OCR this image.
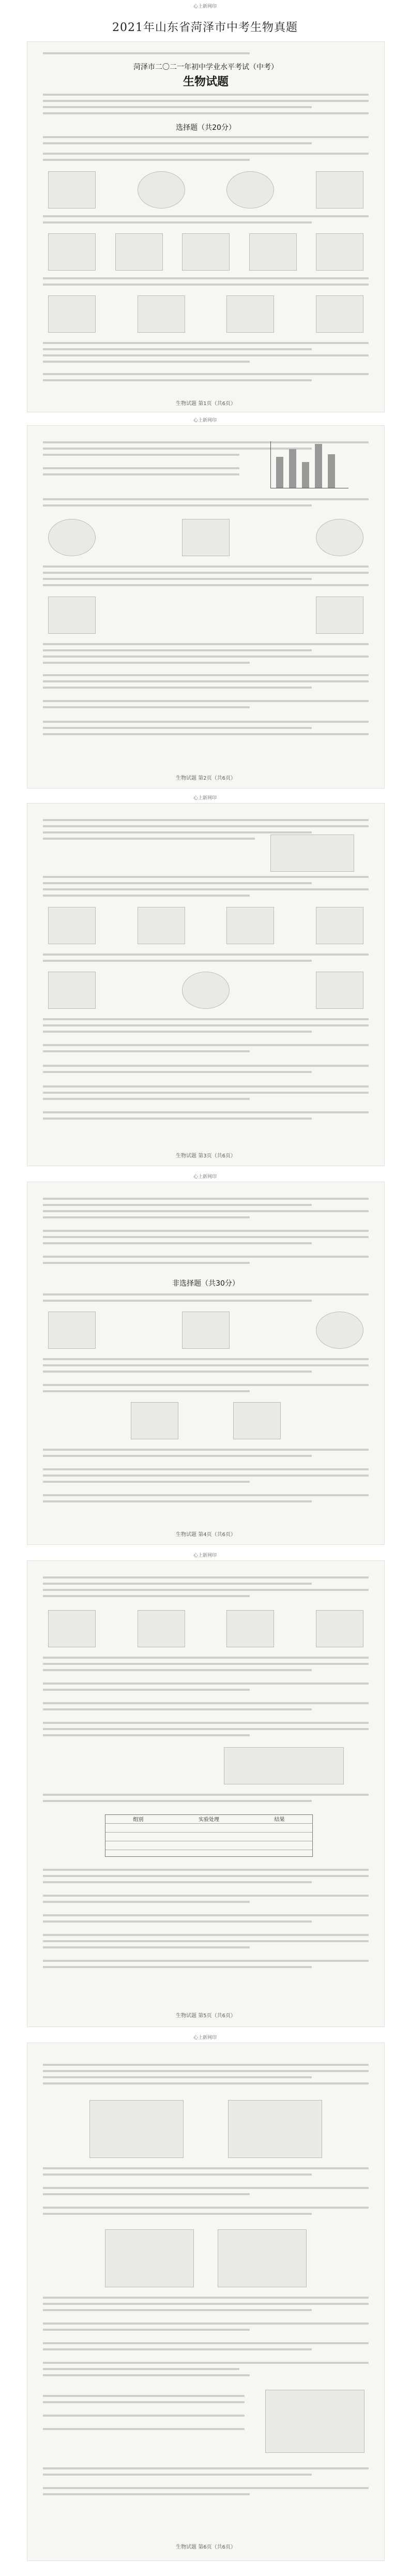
心上新网印
2021年山东省菏泽市中考生物真题
菏泽市二〇二一年初中学业水平考试（中考）
生物试题
选择题（共20分）
生物试题 第1页（共6页）
心上新网印
生物试题 第2页（共6页）
心上新网印
生物试题 第3页（共6页）
心上新网印
非选择题（共30分）
生物试题 第4页（共6页）
心上新网印
组别	实验处理	结果
生物试题 第5页（共6页）
心上新网印
生物试题 第6页（共6页）
